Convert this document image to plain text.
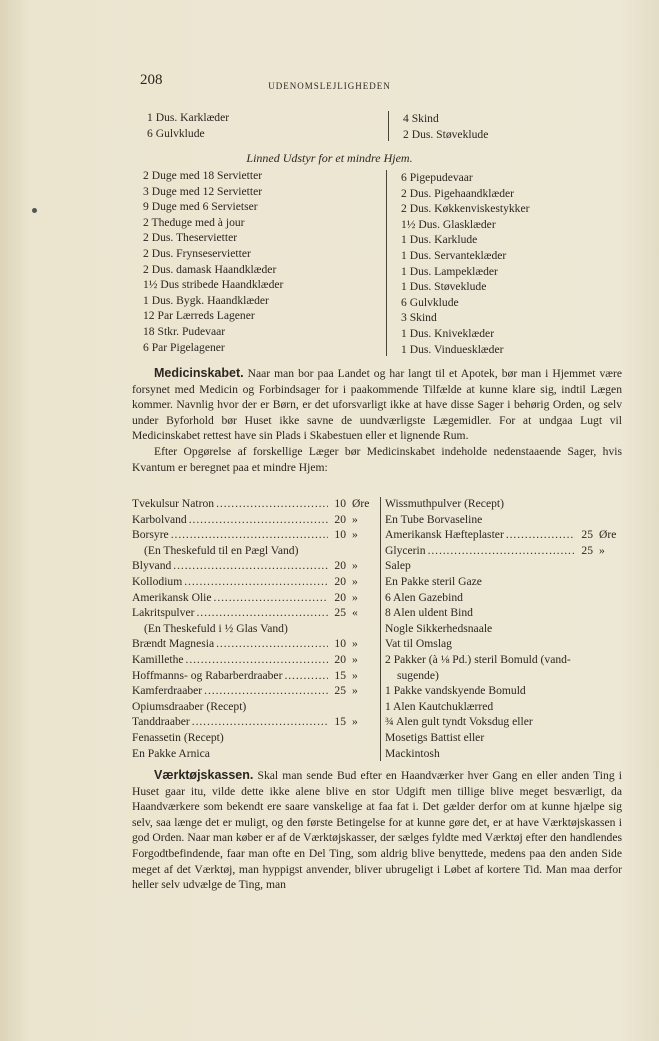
208	UDENOMSLEJLIGHEDEN
1 Dus. Karklæder
6 Gulvklude
4 Skind
2 Dus. Støveklude
Linned Udstyr for et mindre Hjem.
2 Duge med 18 Servietter
3 Duge med 12 Servietter
9 Duge med 6 Servietser
2 Theduge med à jour
2 Dus. Theservietter
2 Dus. Frynseservietter
2 Dus. damask Haandklæder
1½ Dus stribede Haandklæder
1 Dus. Bygk. Haandklæder
12 Par Lærreds Lagener
18 Stkr. Pudevaar
6 Par Pigelagener
6 Pigepudevaar
2 Dus. Pigehaandklæder
2 Dus. Køkkenviskestykker
1½ Dus. Glasklæder
1 Dus. Karklude
1 Dus. Servanteklæder
1 Dus. Lampeklæder
1 Dus. Støveklude
6 Gulvklude
3 Skind
1 Dus. Kniveklæder
1 Dus. Vinduesklæder

Medicinskabet. Naar man bor paa Landet og har langt til et Apotek, bør man i Hjemmet være forsynet med Medicin og Forbindsager for i paakommende Tilfælde at kunne klare sig, indtil Lægen kommer. Navnlig hvor der er Børn, er det uforsvarligt ikke at have disse Sager i behørig Orden, og selv under Byforhold bør Huset ikke savne de uundværligste Lægemidler. For at undgaa Lugt vil Medicinskabet rettest have sin Plads i Skabestuen eller et lignende Rum.

Efter Opgørelse af forskellige Læger bør Medicinskabet indeholde nedenstaaende Sager, hvis Kvantum er beregnet paa et mindre Hjem:

Tvekulsur Natron . . .	10 Øre
Karbolvand . . .	20 »
Borsyre . . .	10 »
(En Theskefuld til en Pægl Vand)
Blyvand . . .	20 »
Kollodium . . .	20 »
Amerikansk Olie . . .	20 »
Lakritspulver . . .	25 «
(En Theskefuld i ½ Glas Vand)
Brændt Magnesia . . .	10 »
Kamillethe . . .	20 »
Hoffmanns- og Rabarberdraaber . . .	15 »
Kamferdraaber . . .	25 »
Opiumsdraaber (Recept)
Tanddraaber . . .	15 »
Fenassetin (Recept)
En Pakke Arnica
Wissmuthpulver (Recept)
En Tube Borvaseline
Amerikansk Hæfteplaster . . .	25 Øre
Glycerin . . .	25 »
Salep
En Pakke steril Gaze
6 Alen Gazebind
8 Alen uldent Bind
Nogle Sikkerhedsnaale
Vat til Omslag
2 Pakker (à ⅛ Pd.) steril Bomuld (vand-
sugende)
1 Pakke vandskyende Bomuld
1 Alen Kautchuklærred
¾ Alen gult tyndt Voksdug eller
Mosetigs Battist eller
Mackintosh

Værktøjskassen. Skal man sende Bud efter en Haandværker hver Gang en eller anden Ting i Huset gaar itu, vilde dette ikke alene blive en stor Udgift men tillige blive meget besværligt, da Haandværkere som bekendt ere saare vanskelige at faa fat i. Det gælder derfor om at kunne hjælpe sig selv, saa længe det er muligt, og den første Betingelse for at kunne gøre det, er at have Værktøjskassen i god Orden. Naar man køber er af de Værktøjskasser, der sælges fyldte med Værktøj efter den handlendes Forgodtbefindende, faar man ofte en Del Ting, som aldrig blive benyttede, medens paa den anden Side meget af det Værktøj, man hyppigst anvender, bliver ubrugeligt i Løbet af kortere Tid. Man maa derfor heller selv udvælge de Ting, man
